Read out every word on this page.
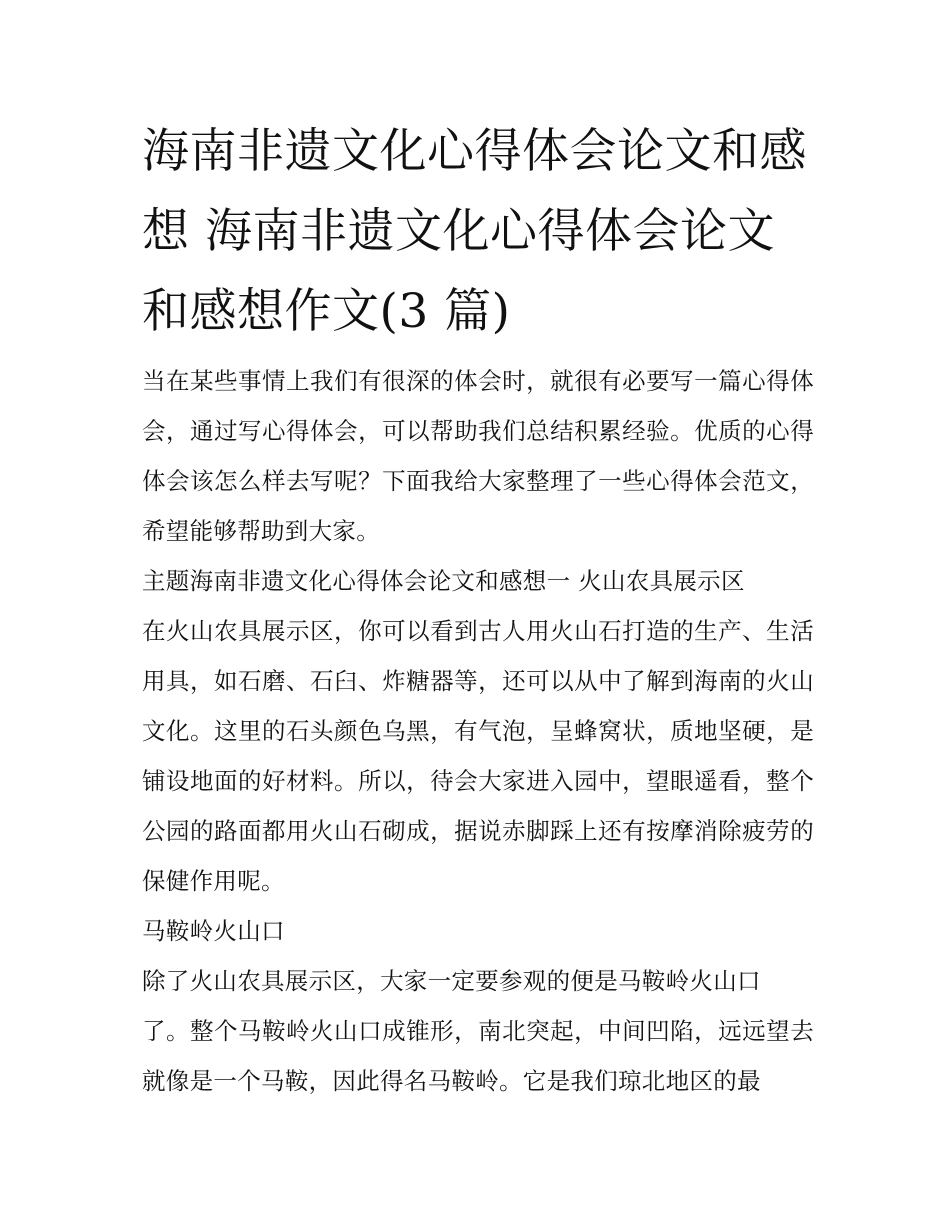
海南非遗文化心得体会论文和感想 海南非遗文化心得体会论文和感想作文(3 篇)

当在某些事情上我们有很深的体会时，就很有必要写一篇心得体会，通过写心得体会，可以帮助我们总结积累经验。优质的心得体会该怎么样去写呢？下面我给大家整理了一些心得体会范文，希望能够帮助到大家。

主题海南非遗文化心得体会论文和感想一 火山农具展示区

在火山农具展示区，你可以看到古人用火山石打造的生产、生活用具，如石磨、石臼、炸糖器等，还可以从中了解到海南的火山文化。这里的石头颜色乌黑，有气泡，呈蜂窝状，质地坚硬，是铺设地面的好材料。所以，待会大家进入园中，望眼遥看，整个公园的路面都用火山石砌成，据说赤脚踩上还有按摩消除疲劳的保健作用呢。

马鞍岭火山口

除了火山农具展示区，大家一定要参观的便是马鞍岭火山口

了。整个马鞍岭火山口成锥形，南北突起，中间凹陷，远远望去就像是一个马鞍，因此得名马鞍岭。它是我们琼北地区的最
